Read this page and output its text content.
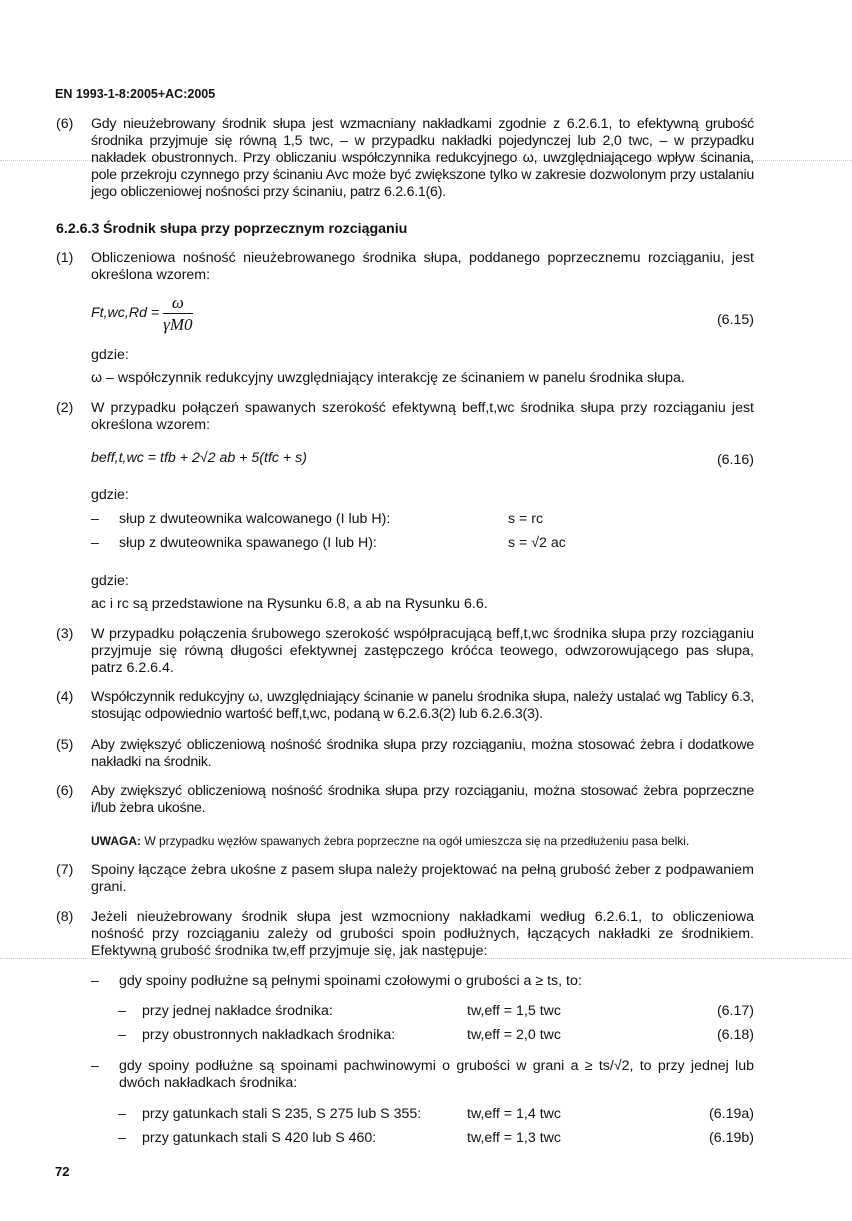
EN 1993-1-8:2005+AC:2005
(6) Gdy nieużebrowany środnik słupa jest wzmacniany nakładkami zgodnie z 6.2.6.1, to efektywną grubość środnika przyjmuje się równą 1,5 twc, – w przypadku nakładki pojedynczej lub 2,0 twc, – w przypadku nakładek obustronnych. Przy obliczaniu współczynnika redukcyjnego ω, uwzględniającego wpływ ścinania, pole przekroju czynnego przy ścinaniu Avc może być zwiększone tylko w zakresie dozwolonym przy ustalaniu jego obliczeniowej nośności przy ścinaniu, patrz 6.2.6.1(6).
6.2.6.3 Środnik słupa przy poprzecznym rozciąganiu
(1) Obliczeniowa nośność nieużebrowanego środnika słupa, poddanego poprzecznemu rozciąganiu, jest określona wzorem:
$Ft,wc,Rd = \frac{\omega}{\gamma M0}$	(6.15)
gdzie:
ω – współczynnik redukcyjny uwzględniający interakcję ze ścinaniem w panelu środnika słupa.
(2) W przypadku połączeń spawanych szerokość efektywną beff,t,wc środnika słupa przy rozciąganiu jest określona wzorem:
beff,t,wc = tfb + 2√2 ab + 5(tfc + s)	(6.16)
gdzie:
– słup z dwuteownika walcowanego (I lub H):	s = rc
– słup z dwuteownika spawanego (I lub H):	s = √2 ac
gdzie:
ac i rc są przedstawione na Rysunku 6.8, a ab na Rysunku 6.6.
(3) W przypadku połączenia śrubowego szerokość współpracującą beff,t,wc środnika słupa przy rozciąganiu przyjmuje się równą długości efektywnej zastępczego króćca teowego, odwzorowującego pas słupa, patrz 6.2.6.4.
(4) Współczynnik redukcyjny ω, uwzględniający ścinanie w panelu środnika słupa, należy ustalać wg Tablicy 6.3, stosując odpowiednio wartość beff,t,wc, podaną w 6.2.6.3(2) lub 6.2.6.3(3).
(5) Aby zwiększyć obliczeniową nośność środnika słupa przy rozciąganiu, można stosować żebra i dodatkowe nakładki na środnik.
(6) Aby zwiększyć obliczeniową nośność środnika słupa przy rozciąganiu, można stosować żebra poprzeczne i/lub żebra ukośne.
UWAGA: W przypadku węzłów spawanych żebra poprzeczne na ogół umieszcza się na przedłużeniu pasa belki.
(7) Spoiny łączące żebra ukośne z pasem słupa należy projektować na pełną grubość żeber z podpawaniem grani.
(8) Jeżeli nieużebrowany środnik słupa jest wzmocniony nakładkami według 6.2.6.1, to obliczeniowa nośność przy rozciąganiu zależy od grubości spoin podłużnych, łączących nakładki ze środnikiem. Efektywną grubość środnika tw,eff przyjmuje się, jak następuje:
– gdy spoiny podłużne są pełnymi spoinami czołowymi o grubości a ≥ ts, to:
– przy jednej nakładce środnika:	tw,eff = 1,5 twc	(6.17)
– przy obustronnych nakładkach środnika:	tw,eff = 2,0 twc	(6.18)
– gdy spoiny podłużne są spoinami pachwinowymi o grubości w grani a ≥ ts/√2, to przy jednej lub dwóch nakładkach środnika:
– przy gatunkach stali S 235, S 275 lub S 355:	tw,eff = 1,4 twc	(6.19a)
– przy gatunkach stali S 420 lub S 460:	tw,eff = 1,3 twc	(6.19b)
72
